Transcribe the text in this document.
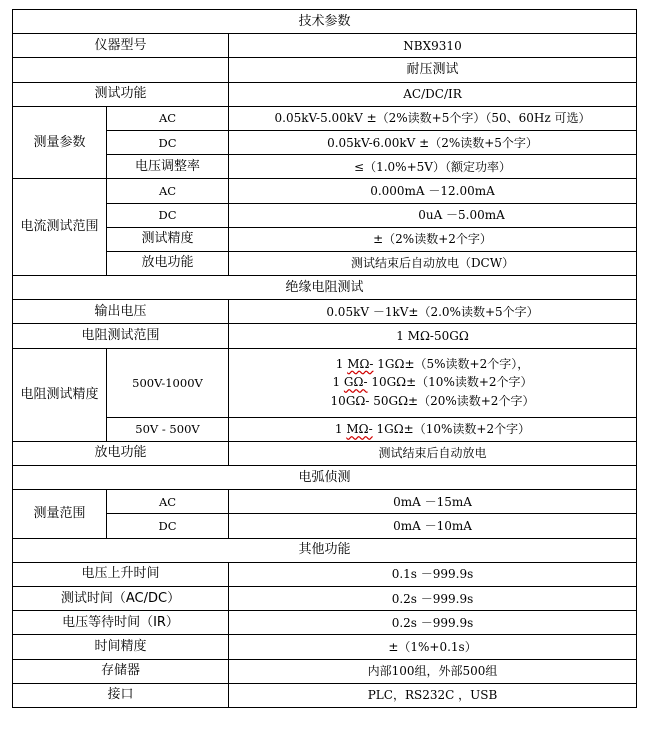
技术参数		
仪器型号		NBX9310
		耐压测试
测试功能		AC/DC/IR
测量参数	AC	0.05kV-5.00kV ±（2%读数+5个字）（50、60Hz 可选）
	DC	0.05kV-6.00kV ±（2%读数+5个字）
	电压调整率	≤（1.0%+5V）（额定功率）
电流测试范围	AC	0.000mA －12.00mA
	DC	0uA －5.00mA
	测试精度	±（2%读数+2个字）
	放电功能	测试结束后自动放电（DCW）
绝缘电阻测试		
输出电压		0.05kV －1kV±（2.0%读数+5个字）
电阻测试范围		1 MΩ-50GΩ
电阻测试精度	500V-1000V	1 MΩ- 1GΩ±（5%读数+2个字），
1 GΩ- 10GΩ±（10%读数+2个字）
10GΩ- 50GΩ±（20%读数+2个字）

	50V - 500V	1 MΩ- 1GΩ±（10%读数+2个字）
放电功能		测试结束后自动放电
电弧侦测		
测量范围	AC	0mA －15mA
	DC	0mA －10mA
其他功能		
电压上升时间		0.1s －999.9s
测试时间（AC/DC）		0.2s －999.9s
电压等待时间（IR）		0.2s －999.9s
时间精度		±（1%+0.1s）
存储器		内部100组，外部500组
接口		PLC，RS232C ，USB
